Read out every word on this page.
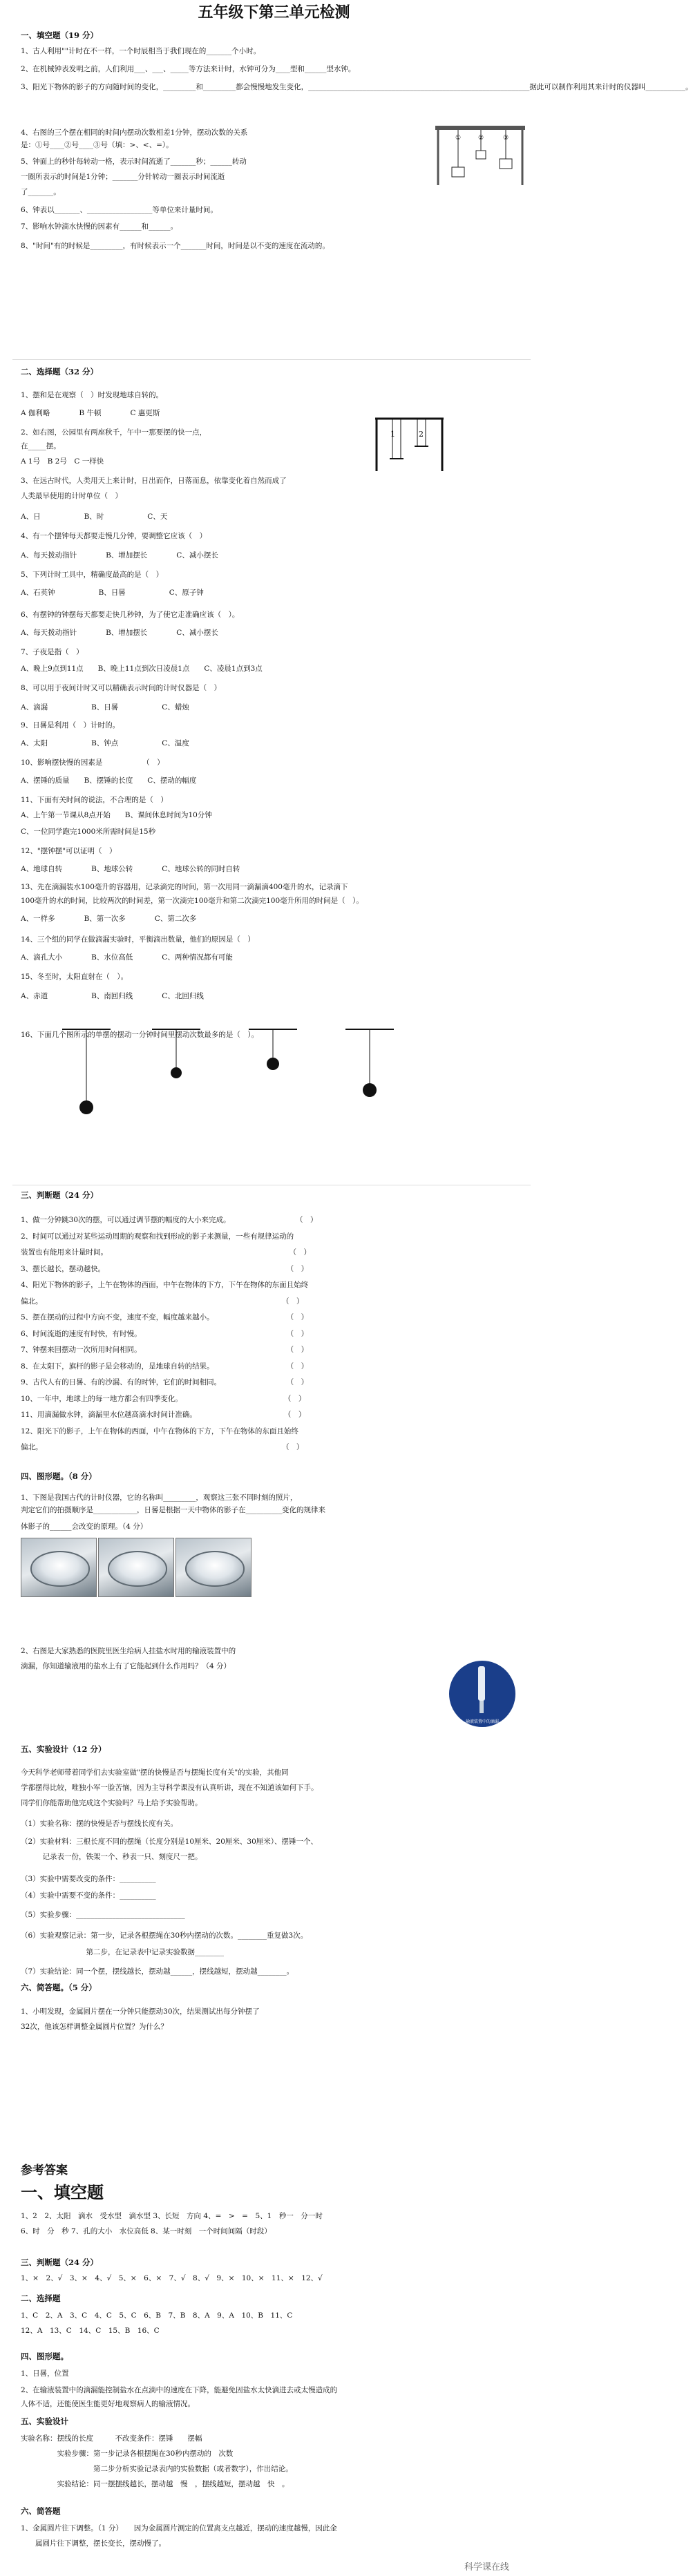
五年级下第三单元检测
一、填空题（19 分）
1、古人利用""计时在不一样，一个时辰相当于我们现在的_______个小时。
2、在机械钟表发明之前，人们利用___、___、_____等方法来计时，水钟可分为____型和______型水钟。
3、阳光下物体的影子的方向随时间的变化，_________和_________都会慢慢地发生变化，_____________________________________________________________据此可以制作利用其来计时的仪器叫___________。
4、右图的三个摆在相同的时间内摆动次数相差1分钟，摆动次数的关系
是：①号____②号____③号（填：>、<、=）。
5、钟面上的秒针每转动一格，表示时间流逝了_______秒；______转动
一圈所表示的时间是1分钟；_______分针转动一圈表示时间流逝
了_______。
6、钟表以_______、__________________等单位来计量时间。
7、影响水钟滴水快慢的因素有______和______。
8、"时间"有的时候是_________，有时候表示一个_______时间，时间是以不变的速度在流动的。
①	②	③
二、选择题（32 分）
1、摆和是在观察（　）时发现地球自转的。
A 伽利略　　　　B 牛顿　　　　C 惠更斯
2、如右图，公园里有两座秋千，午中一那要摆的快一点，
在_____摆。
A 1号　B 2号　C 一样快
3、在远古时代，人类用天上来计时，日出而作，日落而息，依靠变化着自然而成了
人类最早使用的计时单位（　）
A、日　　　　　　B、时　　　　　　C、天
4、有一个摆钟每天都要走慢几分钟，要调整它应该（　）
A、每天拨动指针　　　　B、增加摆长　　　　C、减小摆长
5、下列计时工具中，精确度最高的是（　）
A、石英钟　　　　　　B、日晷　　　　　　C、原子钟
6、有摆钟的钟摆每天都要走快几秒钟，为了使它走准确应该（　）。
A、每天拨动指针　　　　B、增加摆长　　　　C、减小摆长
7、子夜是指（　）
A、晚上9点到11点　　B、晚上11点到次日凌晨1点　　C、凌晨1点到3点
8、可以用于夜间计时又可以精确表示时间的计时仪器是（　）
A、滴漏　　　　　　B、日晷　　　　　　C、蜡烛
9、日晷是利用（　）计时的。
A、太阳　　　　　　B、钟点　　　　　　C、温度
10、影响摆快慢的因素是　　　　　　（　）
A、摆锤的质量　　B、摆锤的长度　　C、摆动的幅度
11、下面有关时间的说法，不合理的是（　）
A、上午第一节课从8点开始　　B、课间休息时间为10分钟
C、一位同学跑完1000米所需时间是15秒
12、"摆钟摆"可以证明（　）
A、地球自转　　　　B、地球公转　　　　C、地球公转的同时自转
13、先在滴漏装水100毫升的容器用，记录滴完的时间，第一次用同一滴漏滴400毫升的水，记录滴下
100毫升的水的时间，比较两次的时间差，第一次滴完100毫升和第二次滴完100毫升所用的时间是（　）。
A、一样多　　　　B、第一次多　　　　C、第二次多
14、三个组的同学在做滴漏实验时，平衡滴出数量，他们的原因是（　）
A、滴孔大小　　　　B、水位高低　　　　C、两种情况都有可能
15、冬至时，太阳直射在（　）。
A、赤道　　　　　　B、南回归线　　　　C、北回归线
16、下面几个图所示的单摆的摆动一分钟时间里摆动次数最多的是（　）。
1	2
三、判断题（24 分）
1、做一分钟跳30次的摆，可以通过调节摆的幅度的大小来完成。　　　　　　　　　　（　）
2、时间可以通过对某些运动周期的观察和找到形成的影子来测量，一些有规律运动的
装置也有能用来计量时间。　　　　　　　　　　　　　　　　　　　　　　　　　　（　）
3、摆长越长，摆动越快。　　　　　　　　　　　　　　　　　　　　　　　　　　（　）
4、阳光下物体的影子，上午在物体的西面，中午在物体的下方，下午在物体的东面且始终
偏北。　　　　　　　　　　　　　　　　　　　　　　　　　　　　　　　　　　（　）
5、摆在摆动的过程中方向不变，速度不变，幅度越来越小。　　　　　　　　　　　（　）
6、时间流逝的速度有时快，有时慢。　　　　　　　　　　　　　　　　　　　　　（　）
7、钟摆来回摆动一次所用时间相同。　　　　　　　　　　　　　　　　　　　　　（　）
8、在太阳下，旗杆的影子是会移动的，是地球自转的结果。　　　　　　　　　　　（　）
9、古代人有的日晷、有的沙漏、有的时钟，它们的时间相同。　　　　　　　　　　（　）
10、一年中，地球上的每一地方都会有四季变化。　　　　　　　　　　　　　　　（　）
11、用滴漏做水钟，滴漏里水位越高滴水时间计准确。　　　　　　　　　　　　　（　）
12、阳光下的影子，上午在物体的西面，中午在物体的下方，下午在物体的东面且始终
偏北。　　　　　　　　　　　　　　　　　　　　　　　　　　　　　　　　　　（　）
四、图形题。（8 分）
1、下图是我国古代的计时仪器，它的名称叫_________，观察这三张不同时刻的照片，
判定它们的拍摄顺序是____________，日晷是根据一天中物体的影子在__________变化的规律来
体影子的______会改变的原理。（4 分）
2、右图是大家熟悉的医院里医生给病人挂盐水时用的输液装置中的
滴漏，你知道输液用的盐水上有了它能起到什么作用吗？（4 分）
输液装置中的滴漏
五、实验设计（12 分）
今天科学老师带着同学们去实验室做"摆的快慢是否与摆绳长度有关"的实验，其他同
学都摆得比较，唯独小军一脸苦恼，因为主导科学课没有认真听讲，现在不知道该如何下手。
同学们你能帮助他完成这个实验吗？马上给予实验帮助。
（1）实验名称：摆的快慢是否与摆线长度有关。
（2）实验材料：三根长度不同的摆绳（长度分别是10厘米、20厘米、30厘米）、摆锤一个、
　　　记录表一份，铁架一个、秒表一只、刻度尺一把。
（3）实验中需要改变的条件：__________
（4）实验中需要不变的条件：__________
（5）实验步骤：______________________________
（6）实验观察记录：第一步，记录各根摆绳在30秒内摆动的次数。________重复做3次。
　　　　　　　　　第二步，在记录表中记录实验数据________
（7）实验结论：同一个摆，摆线越长，摆动越______，摆线越短，摆动越________。
六、简答题。（5 分）
1、小明发现，金属圆片摆在一分钟只能摆动30次，结果测试出每分钟摆了
32次，他该怎样调整金属圆片位置？为什么？
参考答案
一、填空题
1、2　2、太阳　滴水　受水型　滴水型 3、长短　方向 4、=　>　=　5、1　秒一　分一时
6、时　分　秒 7、孔的大小　水位高低 8、某一时刻　一个时间间隔（时段）
三、判断题（24 分）
1、×　2、√　3、×　4、√　5、×　6、×　7、√　8、√　9、×　10、×　11、×　12、√
二、选择题
1、C　2、A　3、C　4、C　5、C　6、B　7、B　8、A　9、A　10、B　11、C
12、A　13、C　14、C　15、B　16、C
四、图形题。
1、日晷，位置
2、在输液装置中的滴漏能控制盐水在点滴中的速度在下降，能避免因盐水太快滴进去或太慢造成的
人体不适，还能使医生能更好地观察病人的输液情况。
五、实验设计
实验名称：摆线的长度　　　不改变条件：摆锤　　摆幅
　　　　　实验步骤：第一步记录各根摆绳在30秒内摆动的　次数
　　　　　　　　　　第二步分析实验记录表内的实验数据（或者数字），作出结论。
　　　　　实验结论：同一摆摆线越长，摆动越　慢　，摆线越短，摆动越　快　。
六、简答题
1、金属圆片往下调整。（1 分）　　因为金属圆片测定的位置离支点越近，摆动的速度越慢，因此金
　　属圆片往下调整，摆长变长，摆动慢了。
科学课在线
